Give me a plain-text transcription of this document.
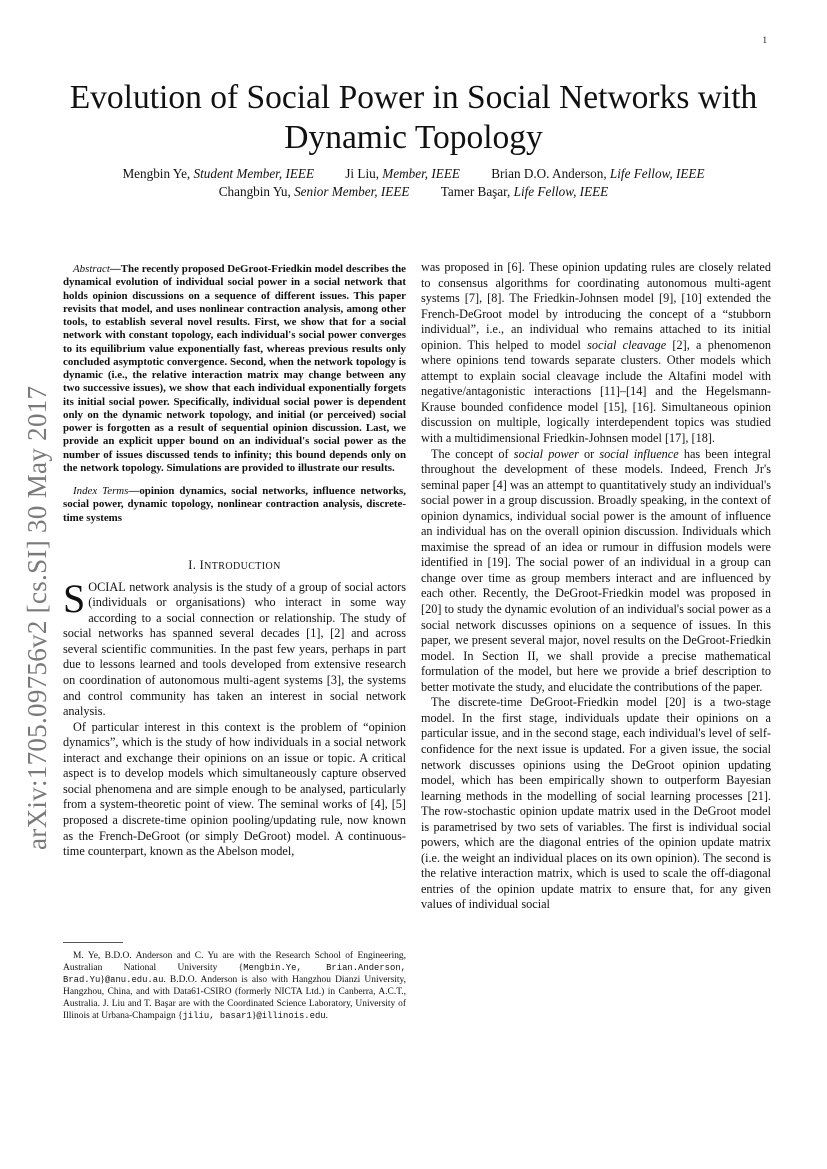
1
arXiv:1705.09756v2 [cs.SI] 30 May 2017
Evolution of Social Power in Social Networks with Dynamic Topology
Mengbin Ye, Student Member, IEEE Ji Liu, Member, IEEE Brian D.O. Anderson, Life Fellow, IEEE
Changbin Yu, Senior Member, IEEE Tamer Başar, Life Fellow, IEEE

Abstract—The recently proposed DeGroot-Friedkin model describes the dynamical evolution of individual social power in a social network that holds opinion discussions on a sequence of different issues. This paper revisits that model, and uses nonlinear contraction analysis, among other tools, to establish several novel results. First, we show that for a social network with constant topology, each individual's social power converges to its equilibrium value exponentially fast, whereas previous results only concluded asymptotic convergence. Second, when the network topology is dynamic (i.e., the relative interaction matrix may change between any two successive issues), we show that each individual exponentially forgets its initial social power. Specifically, individual social power is dependent only on the dynamic network topology, and initial (or perceived) social power is forgotten as a result of sequential opinion discussion. Last, we provide an explicit upper bound on an individual's social power as the number of issues discussed tends to infinity; this bound depends only on the network topology. Simulations are provided to illustrate our results.

Index Terms—opinion dynamics, social networks, influence networks, social power, dynamic topology, nonlinear contraction analysis, discrete-time systems

I. INTRODUCTION

SOCIAL network analysis is the study of a group of social actors (individuals or organisations) who interact in some way according to a social connection or relationship. The study of social networks has spanned several decades [1], [2] and across several scientific communities. In the past few years, perhaps in part due to lessons learned and tools developed from extensive research on coordination of autonomous multi-agent systems [3], the systems and control community has taken an interest in social network analysis.

Of particular interest in this context is the problem of “opinion dynamics”, which is the study of how individuals in a social network interact and exchange their opinions on an issue or topic. A critical aspect is to develop models which simultaneously capture observed social phenomena and are simple enough to be analysed, particularly from a system-theoretic point of view. The seminal works of [4], [5] proposed a discrete-time opinion pooling/updating rule, now known as the French-DeGroot (or simply DeGroot) model. A continuous-time counterpart, known as the Abelson model,

M. Ye, B.D.O. Anderson and C. Yu are with the Research School of Engineering, Australian National University {Mengbin.Ye, Brian.Anderson, Brad.Yu}@anu.edu.au. B.D.O. Anderson is also with Hangzhou Dianzi University, Hangzhou, China, and with Data61-CSIRO (formerly NICTA Ltd.) in Canberra, A.C.T., Australia. J. Liu and T. Başar are with the Coordinated Science Laboratory, University of Illinois at Urbana-Champaign {jiliu, basar1}@illinois.edu.

was proposed in [6]. These opinion updating rules are closely related to consensus algorithms for coordinating autonomous multi-agent systems [7], [8]. The Friedkin-Johnsen model [9], [10] extended the French-DeGroot model by introducing the concept of a “stubborn individual”, i.e., an individual who remains attached to its initial opinion. This helped to model social cleavage [2], a phenomenon where opinions tend towards separate clusters. Other models which attempt to explain social cleavage include the Altafini model with negative/antagonistic interactions [11]–[14] and the Hegelsmann-Krause bounded confidence model [15], [16]. Simultaneous opinion discussion on multiple, logically interdependent topics was studied with a multidimensional Friedkin-Johnsen model [17], [18].

The concept of social power or social influence has been integral throughout the development of these models. Indeed, French Jr's seminal paper [4] was an attempt to quantitatively study an individual's social power in a group discussion. Broadly speaking, in the context of opinion dynamics, individual social power is the amount of influence an individual has on the overall opinion discussion. Individuals which maximise the spread of an idea or rumour in diffusion models were identified in [19]. The social power of an individual in a group can change over time as group members interact and are influenced by each other. Recently, the DeGroot-Friedkin model was proposed in [20] to study the dynamic evolution of an individual's social power as a social network discusses opinions on a sequence of issues. In this paper, we present several major, novel results on the DeGroot-Friedkin model. In Section II, we shall provide a precise mathematical formulation of the model, but here we provide a brief description to better motivate the study, and elucidate the contributions of the paper.

The discrete-time DeGroot-Friedkin model [20] is a two-stage model. In the first stage, individuals update their opinions on a particular issue, and in the second stage, each individual's level of self-confidence for the next issue is updated. For a given issue, the social network discusses opinions using the DeGroot opinion updating model, which has been empirically shown to outperform Bayesian learning methods in the modelling of social learning processes [21]. The row-stochastic opinion update matrix used in the DeGroot model is parametrised by two sets of variables. The first is individual social powers, which are the diagonal entries of the opinion update matrix (i.e. the weight an individual places on its own opinion). The second is the relative interaction matrix, which is used to scale the off-diagonal entries of the opinion update matrix to ensure that, for any given values of individual social
